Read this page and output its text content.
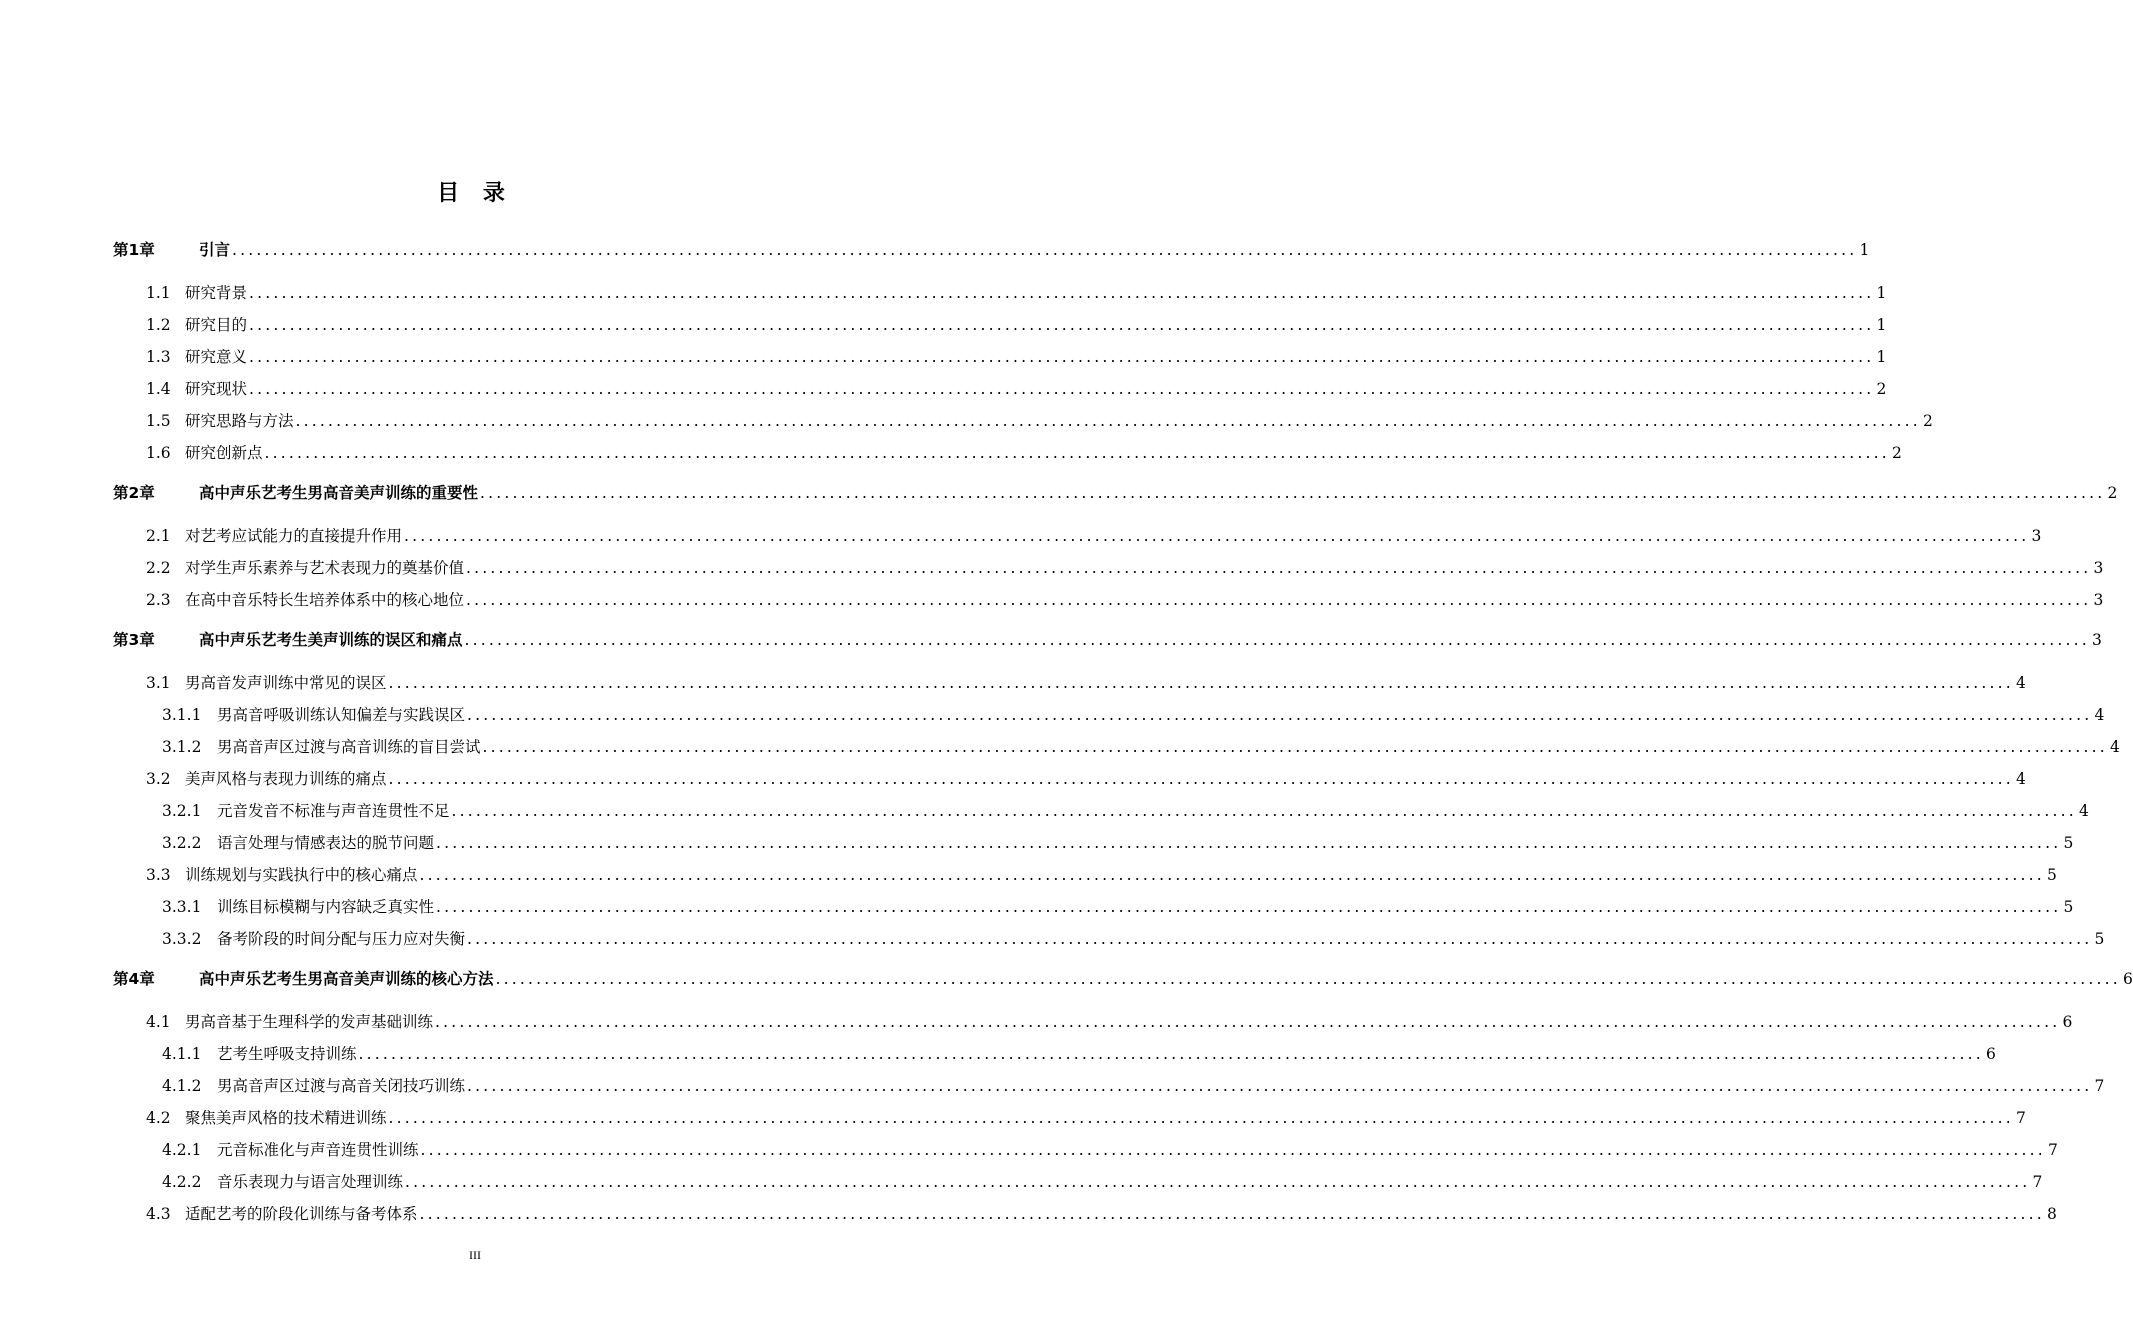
目 录
第1章	引言 ........................................................................................................................................................................................................ 1
1.1 研究背景 ........................................................................................................................................................................................................ 1
1.2 研究目的 ........................................................................................................................................................................................................ 1
1.3 研究意义 ........................................................................................................................................................................................................ 1
1.4 研究现状 ........................................................................................................................................................................................................ 2
1.5 研究思路与方法 ........................................................................................................................................................................................................ 2
1.6 研究创新点 ........................................................................................................................................................................................................ 2
第2章	高中声乐艺考生男高音美声训练的重要性 ........................................................................................................................................................................................................ 2
2.1 对艺考应试能力的直接提升作用 ........................................................................................................................................................................................................ 3
2.2 对学生声乐素养与艺术表现力的奠基价值 ........................................................................................................................................................................................................ 3
2.3 在高中音乐特长生培养体系中的核心地位 ........................................................................................................................................................................................................ 3
第3章	高中声乐艺考生美声训练的误区和痛点 ........................................................................................................................................................................................................ 3
3.1 男高音发声训练中常见的误区 ........................................................................................................................................................................................................ 4
3.1.1 男高音呼吸训练认知偏差与实践误区 ........................................................................................................................................................................................................ 4
3.1.2 男高音声区过渡与高音训练的盲目尝试 ........................................................................................................................................................................................................ 4
3.2 美声风格与表现力训练的痛点 ........................................................................................................................................................................................................ 4
3.2.1 元音发音不标准与声音连贯性不足 ........................................................................................................................................................................................................ 4
3.2.2 语言处理与情感表达的脱节问题 ........................................................................................................................................................................................................ 5
3.3 训练规划与实践执行中的核心痛点 ........................................................................................................................................................................................................ 5
3.3.1 训练目标模糊与内容缺乏真实性 ........................................................................................................................................................................................................ 5
3.3.2 备考阶段的时间分配与压力应对失衡 ........................................................................................................................................................................................................ 5
第4章	高中声乐艺考生男高音美声训练的核心方法 ........................................................................................................................................................................................................ 6
4.1 男高音基于生理科学的发声基础训练 ........................................................................................................................................................................................................ 6
4.1.1 艺考生呼吸支持训练 ........................................................................................................................................................................................................ 6
4.1.2 男高音声区过渡与高音关闭技巧训练 ........................................................................................................................................................................................................ 7
4.2 聚焦美声风格的技术精进训练 ........................................................................................................................................................................................................ 7
4.2.1 元音标准化与声音连贯性训练 ........................................................................................................................................................................................................ 7
4.2.2 音乐表现力与语言处理训练 ........................................................................................................................................................................................................ 7
4.3 适配艺考的阶段化训练与备考体系 ........................................................................................................................................................................................................ 8
III
